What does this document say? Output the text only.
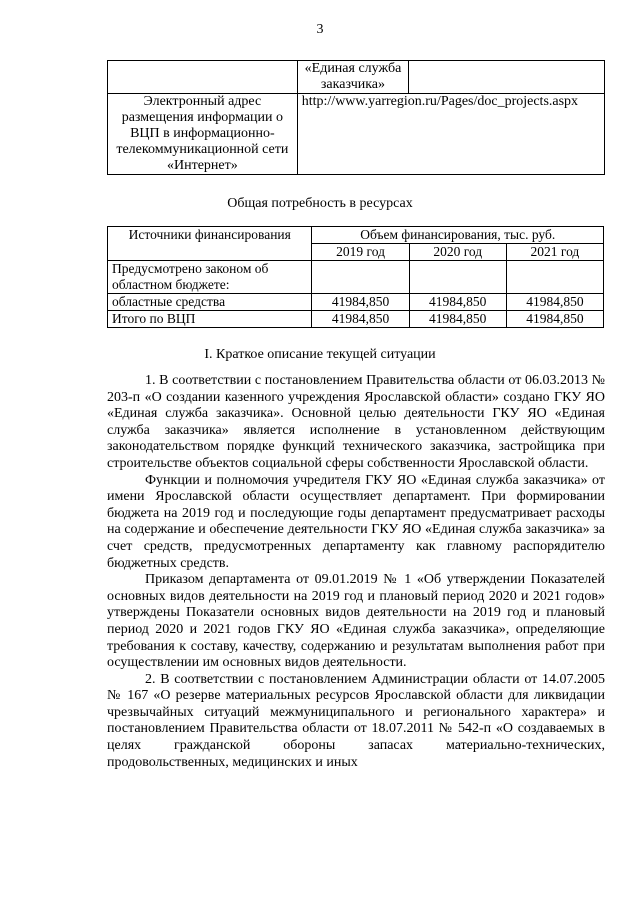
3
	«Единая служба заказчика»	
Электронный адрес размещения информации о ВЦП в информационно-телекоммуникационной сети «Интернет»	http://www.yarregion.ru/Pages/doc_projects.aspx	
Общая потребность в ресурсах
Источники финансирования	Объем финансирования, тыс. руб.		
	2019 год	2020 год	2021 год
Предусмотрено законом об областном бюджете:			
областные средства	41984,850	41984,850	41984,850
Итого по ВЦП	41984,850	41984,850	41984,850
I. Краткое описание текущей ситуации

1. В соответствии с постановлением Правительства области от 06.03.2013 № 203-п «О создании казенного учреждения Ярославской области» создано ГКУ ЯО «Единая служба заказчика». Основной целью деятельности ГКУ ЯО «Единая служба заказчика» является исполнение в установленном действующим законодательством порядке функций технического заказчика, застройщика при строительстве объектов социальной сферы собственности Ярославской области.

Функции и полномочия учредителя ГКУ ЯО «Единая служба заказчика» от имени Ярославской области осуществляет департамент. При формировании бюджета на 2019 год и последующие годы департамент предусматривает расходы на содержание и обеспечение деятельности ГКУ ЯО «Единая служба заказчика» за счет средств, предусмотренных департаменту как главному распорядителю бюджетных средств.

Приказом департамента от 09.01.2019 № 1 «Об утверждении Показателей основных видов деятельности на 2019 год и плановый период 2020 и 2021 годов» утверждены Показатели основных видов деятельности на 2019 год и плановый период 2020 и 2021 годов ГКУ ЯО «Единая служба заказчика», определяющие требования к составу, качеству, содержанию и результатам выполнения работ при осуществлении им основных видов деятельности.

2. В соответствии с постановлением Администрации области от 14.07.2005 № 167 «О резерве материальных ресурсов Ярославской области для ликвидации чрезвычайных ситуаций межмуниципального и регионального характера» и постановлением Правительства области от 18.07.2011 № 542-п «О создаваемых в целях гражданской обороны запасах материально-технических, продовольственных, медицинских и иных
